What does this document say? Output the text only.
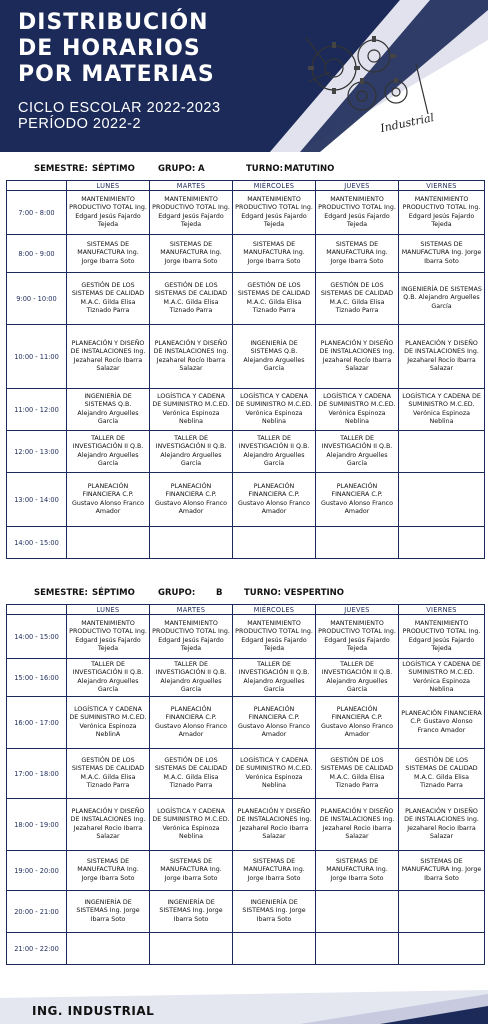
DISTRIBUCIÓN
DE HORARIOS
POR MATERIAS
CICLO ESCOLAR 2022-2023
PERÍODO 2022-2	Industrial
SEMESTRE: SÉPTIMO	GRUPO: A	TURNO: MATUTINO
	LUNES	MARTES	MIÉRCOLES	JUEVES	VIERNES
7:00 - 8:00	MANTENIMIENTO PRODUCTIVO TOTAL Ing. Edgard Jesús Fajardo Tejeda	MANTENIMIENTO PRODUCTIVO TOTAL Ing. Edgard Jesús Fajardo Tejeda	MANTENIMIENTO PRODUCTIVO TOTAL Ing. Edgard Jesús Fajardo Tejeda	MANTENIMIENTO PRODUCTIVO TOTAL Ing. Edgard Jesús Fajardo Tejeda	MANTENIMIENTO PRODUCTIVO TOTAL Ing. Edgard Jesús Fajardo Tejeda
8:00 - 9:00	SISTEMAS DE MANUFACTURA Ing. Jorge Ibarra Soto	SISTEMAS DE MANUFACTURA Ing. Jorge Ibarra Soto	SISTEMAS DE MANUFACTURA Ing. Jorge Ibarra Soto	SISTEMAS DE MANUFACTURA Ing. Jorge Ibarra Soto	SISTEMAS DE MANUFACTURA Ing. Jorge Ibarra Soto
9:00 - 10:00	GESTIÓN DE LOS SISTEMAS DE CALIDAD M.A.C. Gilda Elisa Tiznado Parra	GESTIÓN DE LOS SISTEMAS DE CALIDAD M.A.C. Gilda Elisa Tiznado Parra	GESTIÓN DE LOS SISTEMAS DE CALIDAD M.A.C. Gilda Elisa Tiznado Parra	GESTIÓN DE LOS SISTEMAS DE CALIDAD M.A.C. Gilda Elisa Tiznado Parra	INGENIERÍA DE SISTEMAS Q.B. Alejandro Arguelles García
10:00 - 11:00	PLANEACIÓN Y DISEÑO DE INSTALACIONES Ing. Jezaharel Rocío Ibarra Salazar	PLANEACIÓN Y DISEÑO DE INSTALACIONES Ing. Jezaharel Rocío Ibarra Salazar	INGENIERÍA DE SISTEMAS Q.B. Alejandro Arguelles García	PLANEACIÓN Y DISEÑO DE INSTALACIONES Ing. Jezaharel Rocío Ibarra Salazar	PLANEACIÓN Y DISEÑO DE INSTALACIONES Ing. Jezaharel Rocío Ibarra Salazar
11:00 - 12:00	INGENIERÍA DE SISTEMAS Q.B. Alejandro Arguelles García	LOGÍSTICA Y CADENA DE SUMINISTRO M.C.ED. Verónica Espinoza Neblina	LOGÍSTICA Y CADENA DE SUMINISTRO M.C.ED. Verónica Espinoza Neblina	LOGÍSTICA Y CADENA DE SUMINISTRO M.C.ED. Verónica Espinoza Neblina	LOGÍSTICA Y CADENA DE SUMINISTRO M.C.ED. Verónica Espinoza Neblina
12:00 - 13:00	TALLER DE INVESTIGACIÓN II Q.B. Alejandro Arguelles García	TALLER DE INVESTIGACIÓN II Q.B. Alejandro Arguelles García	TALLER DE INVESTIGACIÓN II Q.B. Alejandro Arguelles García	TALLER DE INVESTIGACIÓN II Q.B. Alejandro Arguelles García	
13:00 - 14:00	PLANEACIÓN FINANCIERA C.P. Gustavo Alonso Franco Amador	PLANEACIÓN FINANCIERA C.P. Gustavo Alonso Franco Amador	PLANEACIÓN FINANCIERA C.P. Gustavo Alonso Franco Amador	PLANEACIÓN FINANCIERA C.P. Gustavo Alonso Franco Amador	
14:00 - 15:00					
SEMESTRE: SÉPTIMO	GRUPO: B	TURNO: VESPERTINO
	LUNES	MARTES	MIÉRCOLES	JUEVES	VIERNES
14:00 - 15:00	MANTENIMIENTO PRODUCTIVO TOTAL Ing. Edgard Jesús Fajardo Tejeda	MANTENIMIENTO PRODUCTIVO TOTAL Ing. Edgard Jesús Fajardo Tejeda	MANTENIMIENTO PRODUCTIVO TOTAL Ing. Edgard Jesús Fajardo Tejeda	MANTENIMIENTO PRODUCTIVO TOTAL Ing. Edgard Jesús Fajardo Tejeda	MANTENIMIENTO PRODUCTIVO TOTAL Ing. Edgard Jesús Fajardo Tejeda
15:00 - 16:00	TALLER DE INVESTIGACIÓN II Q.B. Alejandro Arguelles García	TALLER DE INVESTIGACIÓN II Q.B. Alejandro Arguelles García	TALLER DE INVESTIGACIÓN II Q.B. Alejandro Arguelles García	TALLER DE INVESTIGACIÓN II Q.B. Alejandro Arguelles García	LOGÍSTICA Y CADENA DE SUMINISTRO M.C.ED. Verónica Espinoza Neblina
16:00 - 17:00	LOGÍSTICA Y CADENA DE SUMINISTRO M.C.ED. Verónica Espinoza NeblinA	PLANEACIÓN FINANCIERA C.P. Gustavo Alonso Franco Amador	PLANEACIÓN FINANCIERA C.P. Gustavo Alonso Franco Amador	PLANEACIÓN FINANCIERA C.P. Gustavo Alonso Franco Amador	PLANEACIÓN FINANCIERA C.P. Gustavo Alonso Franco Amador
17:00 - 18:00	GESTIÓN DE LOS SISTEMAS DE CALIDAD M.A.C. Gilda Elisa Tiznado Parra	GESTIÓN DE LOS SISTEMAS DE CALIDAD M.A.C. Gilda Elisa Tiznado Parra	LOGÍSTICA Y CADENA DE SUMINISTRO M.C.ED. Verónica Espinoza Neblina	GESTIÓN DE LOS SISTEMAS DE CALIDAD M.A.C. Gilda Elisa Tiznado Parra	GESTIÓN DE LOS SISTEMAS DE CALIDAD M.A.C. Gilda Elisa Tiznado Parra
18:00 - 19:00	PLANEACIÓN Y DISEÑO DE INSTALACIONES Ing. Jezaharel Rocio Ibarra Salazar	LOGÍSTICA Y CADENA DE SUMINISTRO M.C.ED. Verónica Espinoza Neblina	PLANEACIÓN Y DISEÑO DE INSTALACIONES Ing. Jezaharel Rocio Ibarra Salazar	PLANEACIÓN Y DISEÑO DE INSTALACIONES Ing. Jezaharel Rocio Ibarra Salazar	PLANEACIÓN Y DISEÑO DE INSTALACIONES Ing. Jezaharel Rocio Ibarra Salazar
19:00 - 20:00	SISTEMAS DE MANUFACTURA Ing. Jorge Ibarra Soto	SISTEMAS DE MANUFACTURA Ing. Jorge Ibarra Soto	SISTEMAS DE MANUFACTURA Ing. Jorge Ibarra Soto	SISTEMAS DE MANUFACTURA Ing. Jorge Ibarra Soto	SISTEMAS DE MANUFACTURA Ing. Jorge Ibarra Soto
20:00 - 21:00	INGENIERÍA DE SISTEMAS Ing. Jorge Ibarra Soto	INGENIERÍA DE SISTEMAS Ing. Jorge Ibarra Soto	INGENIERÍA DE SISTEMAS Ing. Jorge Ibarra Soto		
21:00 - 22:00					
ING. INDUSTRIAL
